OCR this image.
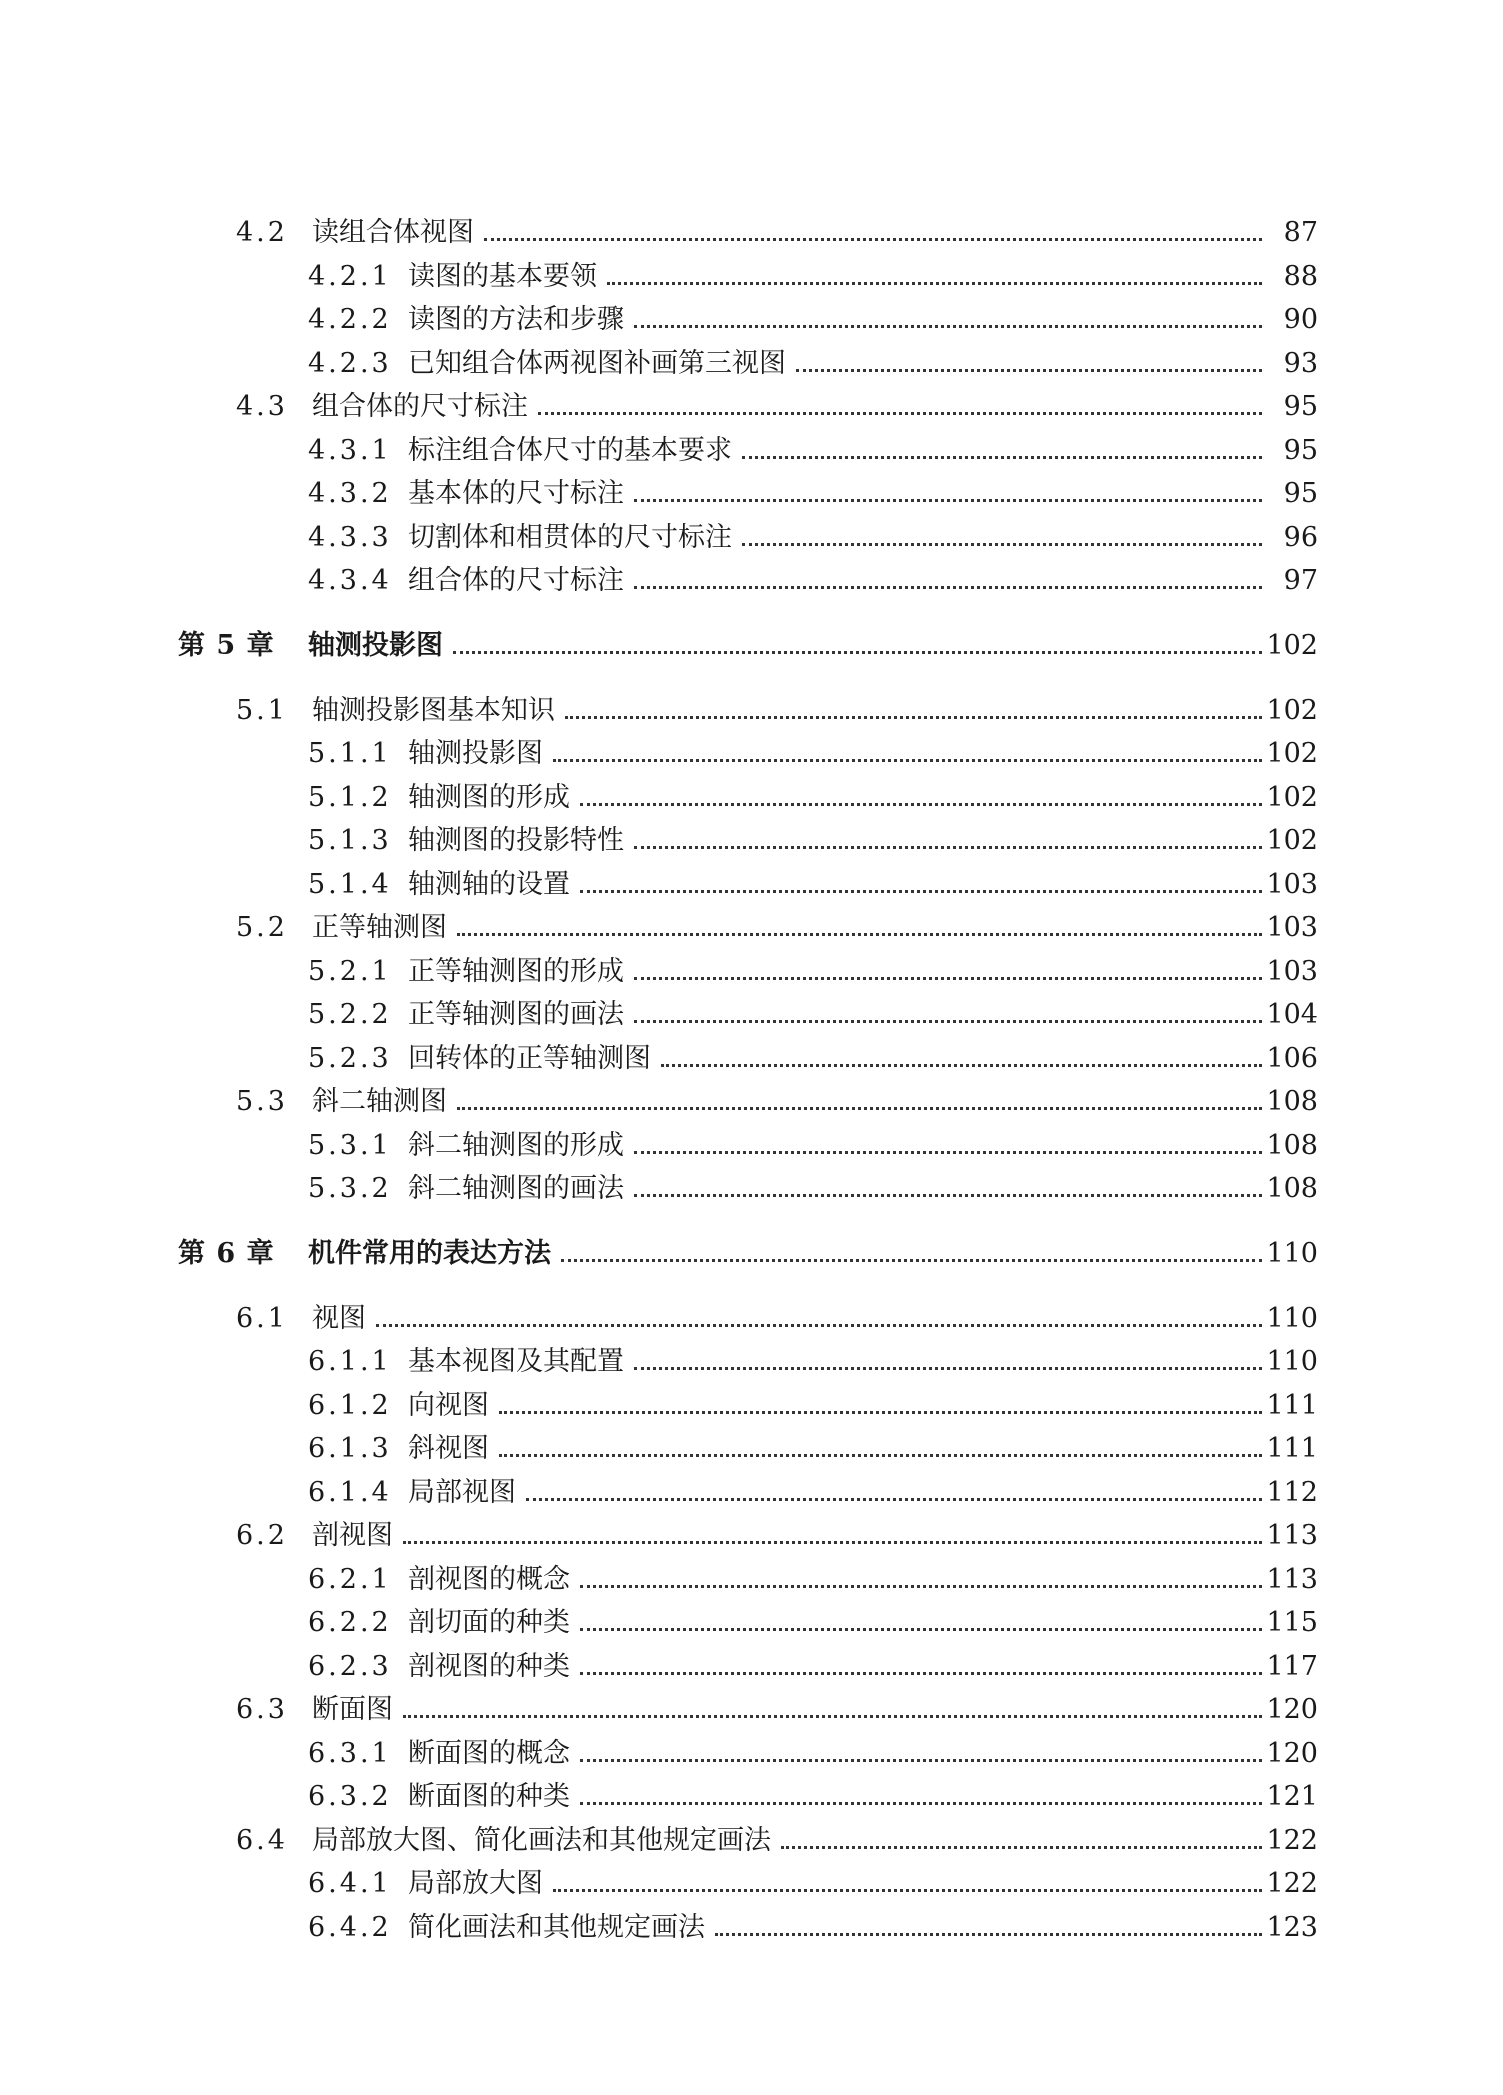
4.2 读组合体视图	87
4.2.1 读图的基本要领	88
4.2.2 读图的方法和步骤	90
4.2.3 已知组合体两视图补画第三视图	93
4.3 组合体的尺寸标注	95
4.3.1 标注组合体尺寸的基本要求	95
4.3.2 基本体的尺寸标注	95
4.3.3 切割体和相贯体的尺寸标注	96
4.3.4 组合体的尺寸标注	97
第 5 章	轴测投影图	102
5.1 轴测投影图基本知识	102
5.1.1 轴测投影图	102
5.1.2 轴测图的形成	102
5.1.3 轴测图的投影特性	102
5.1.4 轴测轴的设置	103
5.2 正等轴测图	103
5.2.1 正等轴测图的形成	103
5.2.2 正等轴测图的画法	104
5.2.3 回转体的正等轴测图	106
5.3 斜二轴测图	108
5.3.1 斜二轴测图的形成	108
5.3.2 斜二轴测图的画法	108
第 6 章	机件常用的表达方法	110
6.1 视图	110
6.1.1 基本视图及其配置	110
6.1.2 向视图	111
6.1.3 斜视图	111
6.1.4 局部视图	112
6.2 剖视图	113
6.2.1 剖视图的概念	113
6.2.2 剖切面的种类	115
6.2.3 剖视图的种类	117
6.3 断面图	120
6.3.1 断面图的概念	120
6.3.2 断面图的种类	121
6.4 局部放大图、简化画法和其他规定画法	122
6.4.1 局部放大图	122
6.4.2 简化画法和其他规定画法	123
